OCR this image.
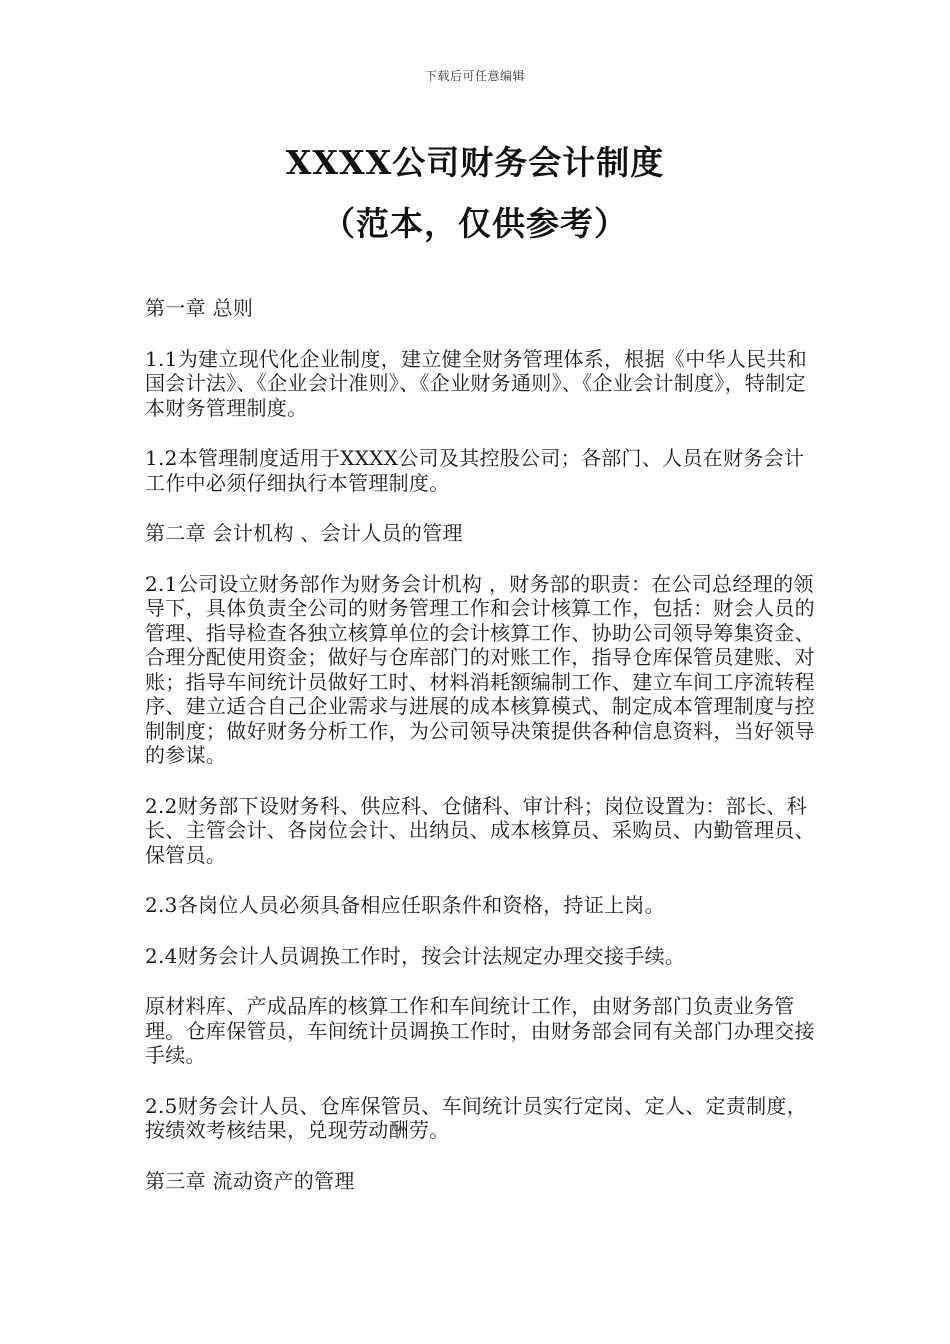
下载后可任意编辑
XXXX公司财务会计制度
（范本，仅供参考）

第一章 总则

1.1为建立现代化企业制度，建立健全财务管理体系，根据《中华人民共和国会计法》、《企业会计准则》、《企业财务通则》、《企业会计制度》，特制定本财务管理制度。

1.2本管理制度适用于XXXX公司及其控股公司；各部门、人员在财务会计工作中必须仔细执行本管理制度。

第二章 会计机构 、会计人员的管理

2.1公司设立财务部作为财务会计机构 ，财务部的职责：在公司总经理的领导下，具体负责全公司的财务管理工作和会计核算工作，包括：财会人员的管理、指导检查各独立核算单位的会计核算工作、协助公司领导筹集资金、合理分配使用资金；做好与仓库部门的对账工作，指导仓库保管员建账、对账；指导车间统计员做好工时、材料消耗额编制工作、建立车间工序流转程序、建立适合自己企业需求与进展的成本核算模式、制定成本管理制度与控制制度；做好财务分析工作，为公司领导决策提供各种信息资料，当好领导的参谋。

2.2财务部下设财务科、供应科、仓储科、审计科；岗位设置为：部长、科长、主管会计、各岗位会计、出纳员、成本核算员、采购员、内勤管理员、保管员。

2.3各岗位人员必须具备相应任职条件和资格，持证上岗。

2.4财务会计人员调换工作时，按会计法规定办理交接手续。

原材料库、产成品库的核算工作和车间统计工作，由财务部门负责业务管理。仓库保管员，车间统计员调换工作时，由财务部会同有关部门办理交接手续。

2.5财务会计人员、仓库保管员、车间统计员实行定岗、定人、定责制度，按绩效考核结果，兑现劳动酬劳。

第三章 流动资产的管理
